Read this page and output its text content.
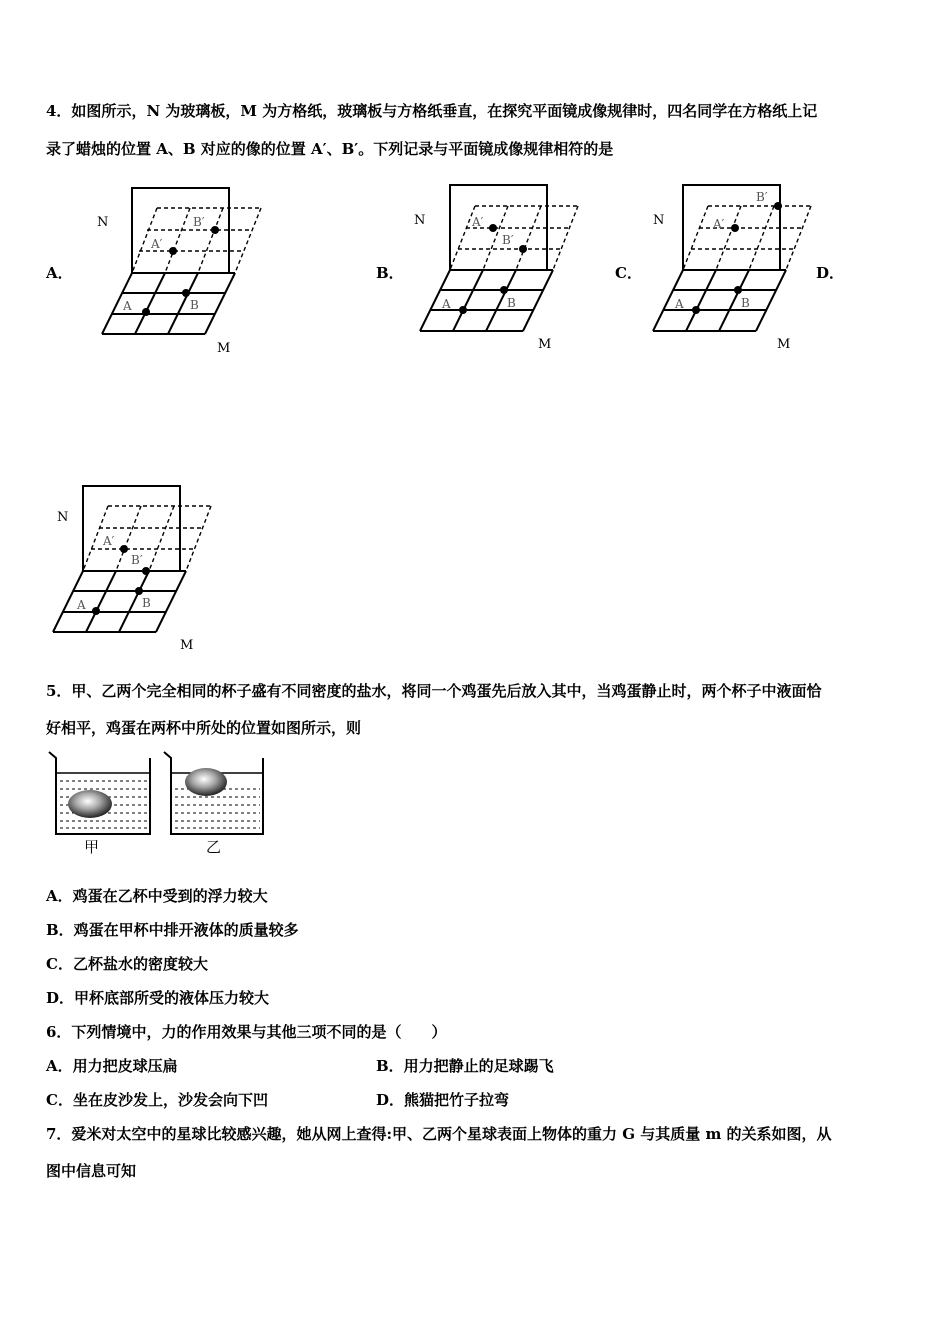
4．如图所示，N 为玻璃板，M 为方格纸，玻璃板与方格纸垂直，在探究平面镜成像规律时，四名同学在方格纸上记
录了蜡烛的位置 A、B 对应的像的位置 A′、B′。下列记录与平面镜成像规律相符的是
A．	B．	C．	D．
N
M
A	B
A′
B′	N
M
A	B
A′
B′
N
M
A	B
A′
B′
N
M
A	B
A′
B′
5．甲、乙两个完全相同的杯子盛有不同密度的盐水，将同一个鸡蛋先后放入其中，当鸡蛋静止时，两个杯子中液面恰
好相平，鸡蛋在两杯中所处的位置如图所示，则
甲	乙
A．鸡蛋在乙杯中受到的浮力较大
B．鸡蛋在甲杯中排开液体的质量较多
C．乙杯盐水的密度较大
D．甲杯底部所受的液体压力较大
6．下列情境中，力的作用效果与其他三项不同的是（　　）
A．用力把皮球压扁	B．用力把静止的足球踢飞
C．坐在皮沙发上，沙发会向下凹	D．熊猫把竹子拉弯
7．爱米对太空中的星球比较感兴趣，她从网上查得:甲、乙两个星球表面上物体的重力 G 与其质量 m 的关系如图，从
图中信息可知
